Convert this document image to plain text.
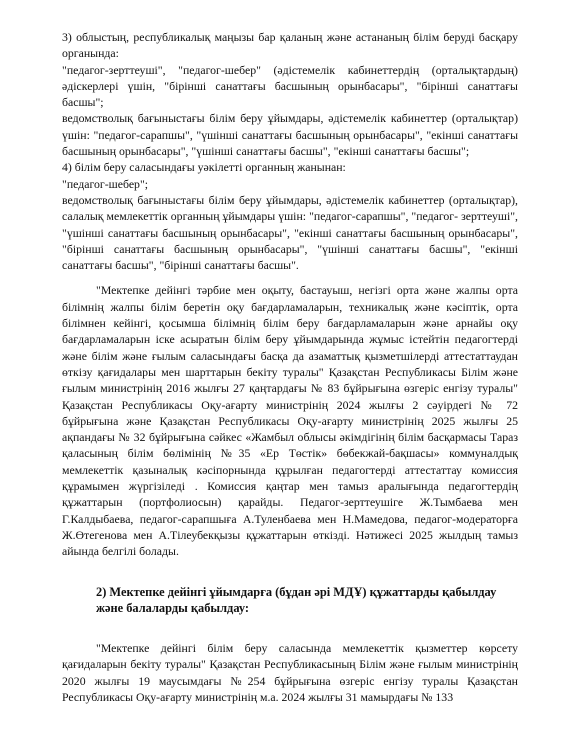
3) облыстың, республикалық маңызы бар қаланың және астананың білім беруді басқару органында:

"педагог-зерттеуші", "педагог-шебер" (әдістемелік кабинеттердің (орталықтардың) әдіскерлері үшін, "бірінші санаттағы басшының орынбасары", "бірінші санаттағы басшы";

ведомстволық бағыныстағы білім беру ұйымдары, әдістемелік кабинеттер (орталықтар) үшін: "педагог-сарапшы", "үшінші санаттағы басшының орынбасары", "екінші санаттағы басшының орынбасары", "үшінші санаттағы басшы", "екінші санаттағы басшы";

4) білім беру саласындағы уәкілетті органның жанынан:

"педагог-шебер";

ведомстволық бағыныстағы білім беру ұйымдары, әдістемелік кабинеттер (орталықтар), салалық мемлекеттік органның ұйымдары үшін: "педагог-сарапшы", "педагог- зерттеуші", "үшінші санаттағы басшының орынбасары", "екінші санаттағы басшының орынбасары", "бірінші санаттағы басшының орынбасары", "үшінші санаттағы басшы", "екінші санаттағы басшы", "бірінші санаттағы басшы".

"Мектепке дейінгі тәрбие мен оқыту, бастауыш, негізгі орта және жалпы орта білімнің жалпы білім беретін оқу бағдарламаларын, техникалық және кәсіптік, орта білімнен кейінгі, қосымша білімнің білім беру бағдарламаларын және арнайы оқу бағдарламаларын іске асыратын білім беру ұйымдарында жұмыс істейтін педагогтерді және білім және ғылым саласындағы басқа да азаматтық қызметшілерді аттестаттаудан өткізу қағидалары мен шарттарын бекіту туралы" Қазақстан Республикасы Білім және ғылым министрінің 2016 жылғы 27 қаңтардағы № 83 бұйрығына өзгеріс енгізу туралы" Қазақстан Республикасы Оқу-ағарту министрінің 2024 жылғы 2 сәуірдегі № 72 бұйрығына және Қазақстан Республикасы Оқу-ағарту министрінің 2025 жылғы 25 ақпандағы № 32 бұйрығына сәйкес «Жамбыл облысы әкімдігінің білім басқармасы Тараз қаласының білім бөлімінің №35 «Ер Төстік» бөбекжай-бақшасы» коммуналдық мемлекеттік қазыналық кәсіпорнында құрылған педагогтерді аттестаттау комиссия құрамымен жүргізіледі . Комиссия қаңтар мен тамыз аралығында педагогтердің құжаттарын (портфолиосын) қарайды. Педагог-зерттеушіге Ж.Тымбаева мен Г.Калдыбаева, педагог-сарапшыға А.Туленбаева мен Н.Мамедова, педагог-модераторға Ж.Өтегенова мен А.Тілеубекқызы құжаттарын өткізді. Нәтижесі 2025 жылдың тамыз айында белгілі болады.

2) Мектепке дейінгі ұйымдарға (бұдан әрі МДҰ) құжаттарды қабылдау және балаларды қабылдау:

"Мектепке дейінгі білім беру саласында мемлекеттік қызметтер көрсету қағидаларын бекіту туралы" Қазақстан Республикасының Білім және ғылым министрінің 2020 жылғы 19 маусымдағы №254 бұйрығына өзгеріс енгізу туралы Қазақстан Республикасы Оқу-ағарту министрінің м.а. 2024 жылғы 31 мамырдағы № 133
